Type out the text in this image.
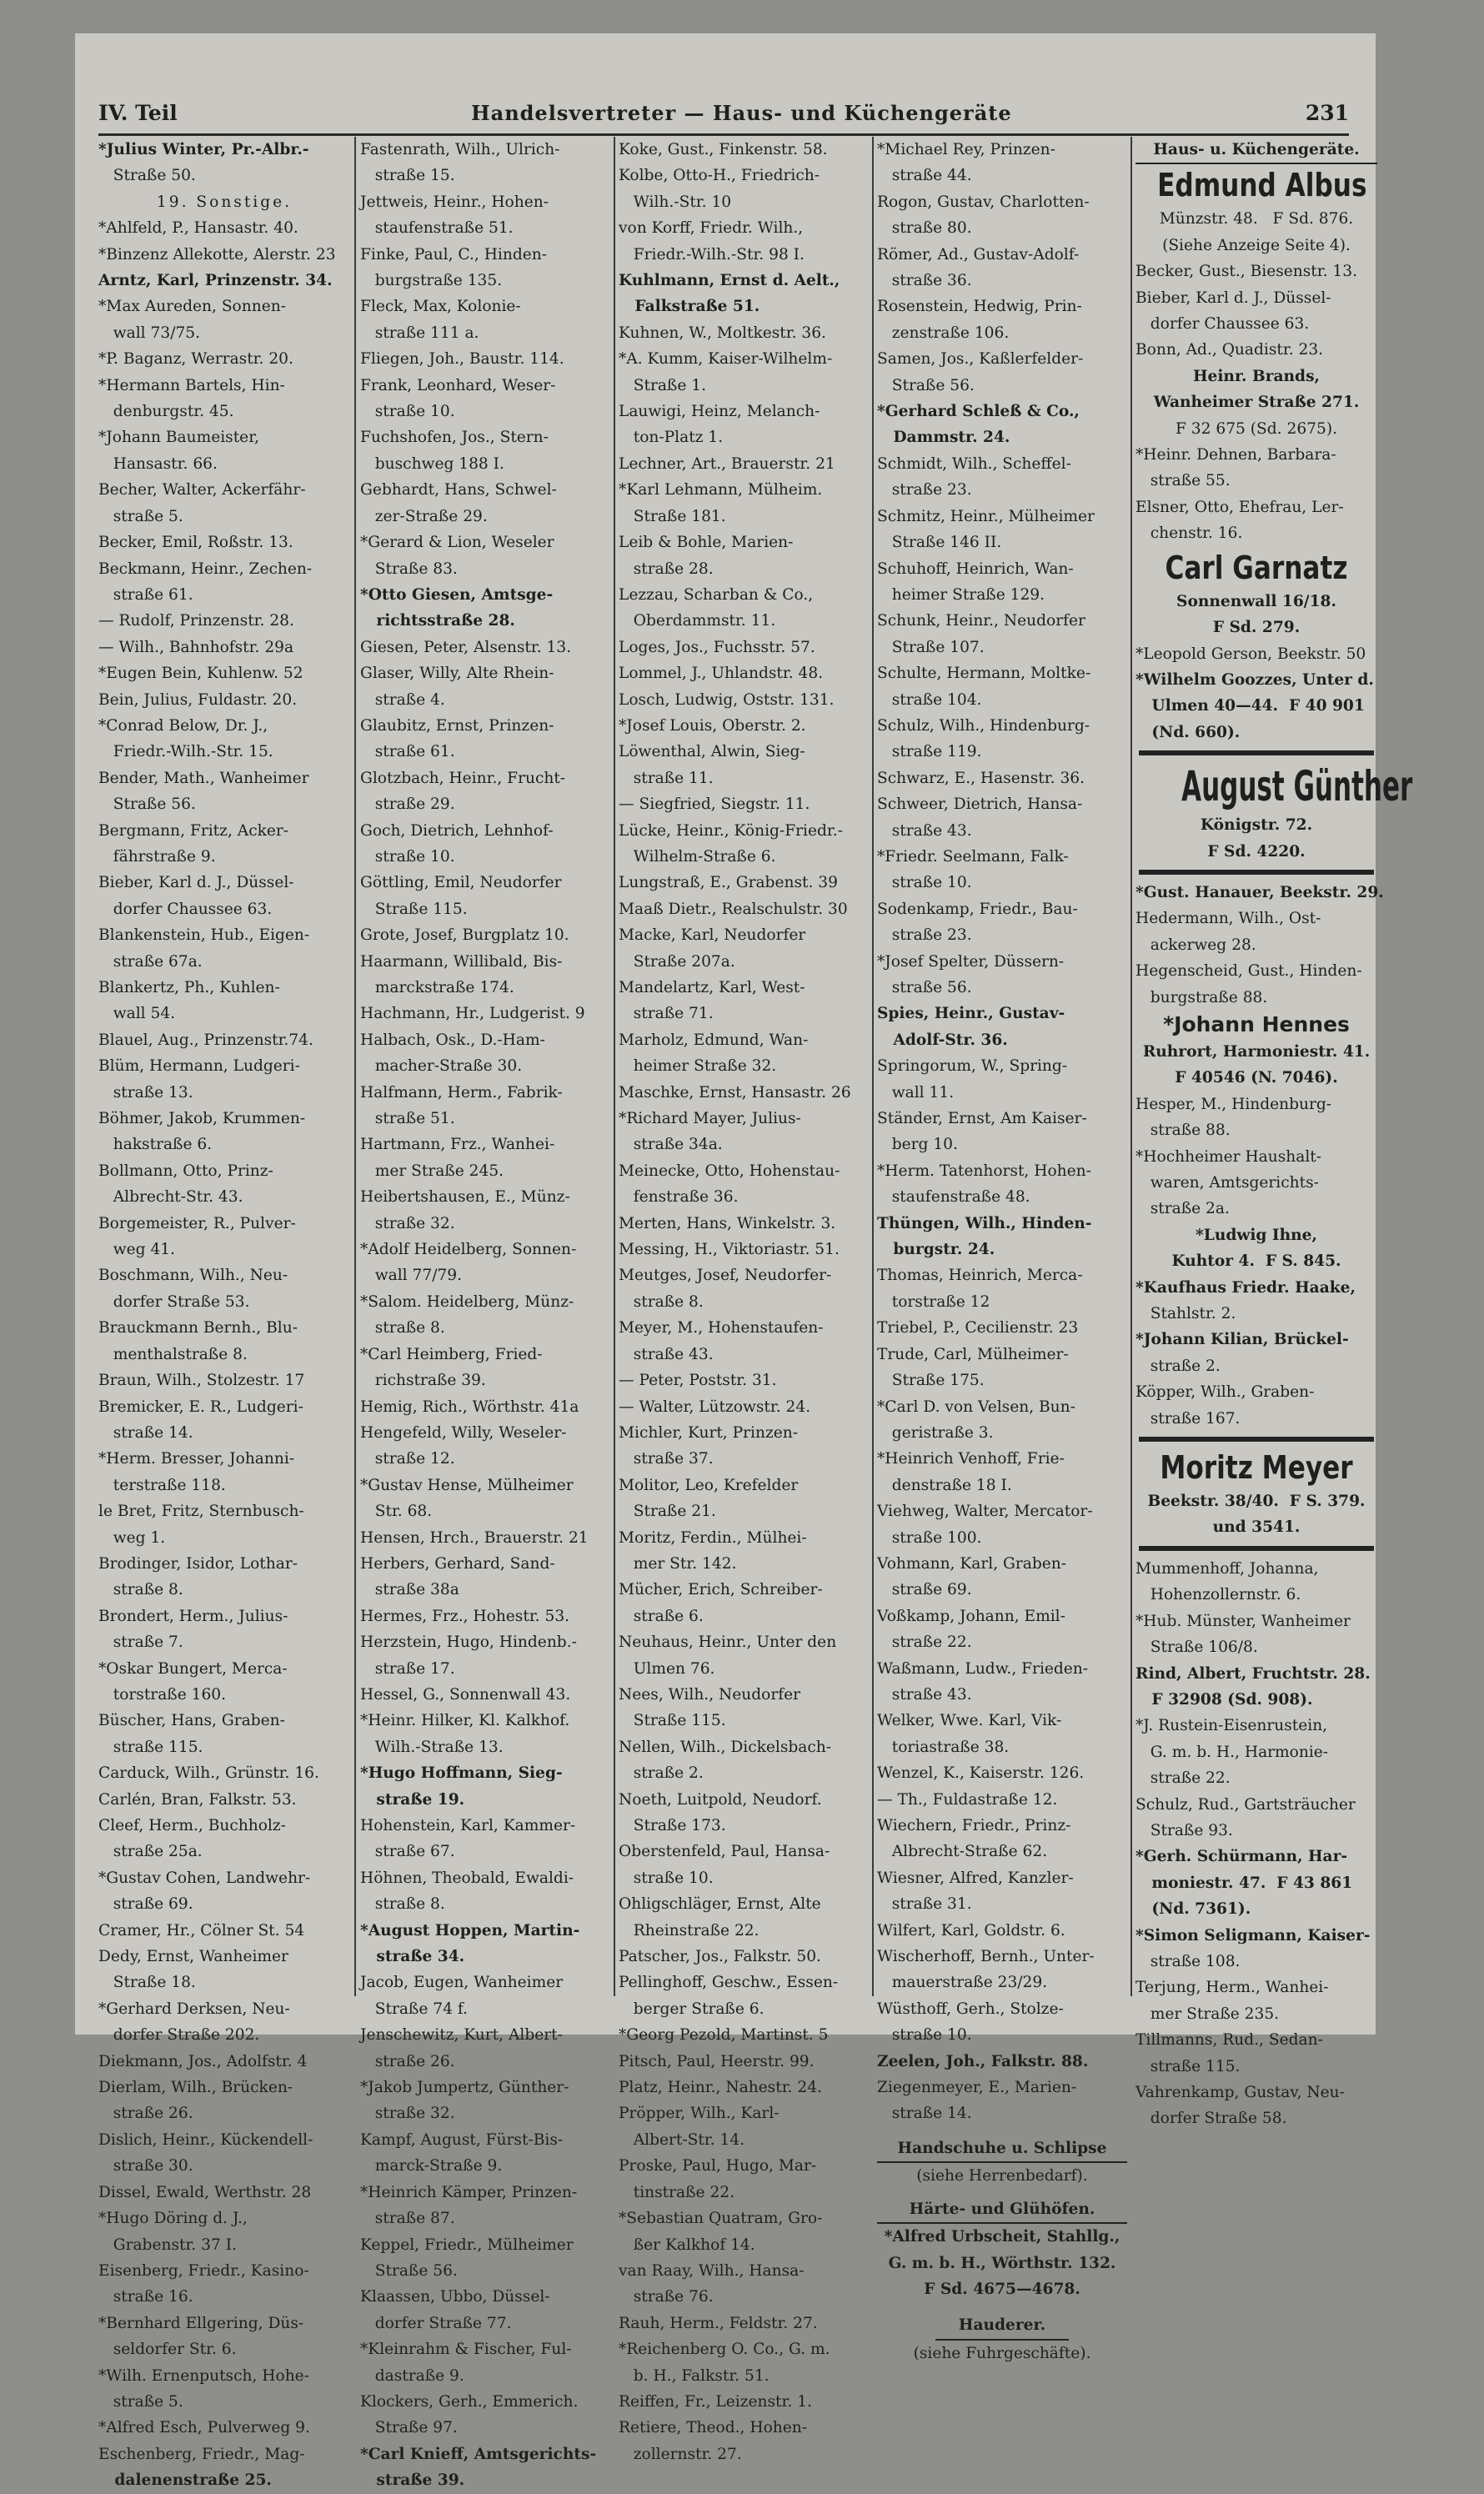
IV. Teil	Handelsvertreter — Haus- und Küchengeräte	231
*Julius Winter, Pr.-Albr.-
Straße 50.
19. Sonstige.
*Ahlfeld, P., Hansastr. 40.
*Binzenz Allekotte, Alerstr. 23
Arntz, Karl, Prinzenstr. 34.
*Max Aureden, Sonnen-
wall 73/75.
*P. Baganz, Werrastr. 20.
*Hermann Bartels, Hin-
denburgstr. 45.
*Johann Baumeister,
Hansastr. 66.
Becher, Walter, Ackerfähr-
straße 5.
Becker, Emil, Roßstr. 13.
Beckmann, Heinr., Zechen-
straße 61.
— Rudolf, Prinzenstr. 28.
— Wilh., Bahnhofstr. 29a
*Eugen Bein, Kuhlenw. 52
Bein, Julius, Fuldastr. 20.
*Conrad Below, Dr. J.,
Friedr.-Wilh.-Str. 15.
Bender, Math., Wanheimer
Straße 56.
Bergmann, Fritz, Acker-
fährstraße 9.
Bieber, Karl d. J., Düssel-
dorfer Chaussee 63.
Blankenstein, Hub., Eigen-
straße 67a.
Blankertz, Ph., Kuhlen-
wall 54.
Blauel, Aug., Prinzenstr.74.
Blüm, Hermann, Ludgeri-
straße 13.
Böhmer, Jakob, Krummen-
hakstraße 6.
Bollmann, Otto, Prinz-
Albrecht-Str. 43.
Borgemeister, R., Pulver-
weg 41.
Boschmann, Wilh., Neu-
dorfer Straße 53.
Brauckmann Bernh., Blu-
menthalstraße 8.
Braun, Wilh., Stolzestr. 17
Bremicker, E. R., Ludgeri-
straße 14.
*Herm. Bresser, Johanni-
terstraße 118.
le Bret, Fritz, Sternbusch-
weg 1.
Brodinger, Isidor, Lothar-
straße 8.
Brondert, Herm., Julius-
straße 7.
*Oskar Bungert, Merca-
torstraße 160.
Büscher, Hans, Graben-
straße 115.
Carduck, Wilh., Grünstr. 16.
Carlén, Bran, Falkstr. 53.
Cleef, Herm., Buchholz-
straße 25a.
*Gustav Cohen, Landwehr-
straße 69.
Cramer, Hr., Cölner St. 54
Dedy, Ernst, Wanheimer
Straße 18.
*Gerhard Derksen, Neu-
dorfer Straße 202.
Diekmann, Jos., Adolfstr. 4
Dierlam, Wilh., Brücken-
straße 26.
Dislich, Heinr., Kückendell-
straße 30.
Dissel, Ewald, Werthstr. 28
*Hugo Döring d. J.,
Grabenstr. 37 I.
Eisenberg, Friedr., Kasino-
straße 16.
*Bernhard Ellgering, Düs-
seldorfer Str. 6.
*Wilh. Ernenputsch, Hohe-
straße 5.
*Alfred Esch, Pulverweg 9.
Eschenberg, Friedr., Mag-
dalenenstraße 25.
Fastenrath, Wilh., Ulrich-
straße 15.
Jettweis, Heinr., Hohen-
staufenstraße 51.
Finke, Paul, C., Hinden-
burgstraße 135.
Fleck, Max, Kolonie-
straße 111 a.
Fliegen, Joh., Baustr. 114.
Frank, Leonhard, Weser-
straße 10.
Fuchshofen, Jos., Stern-
buschweg 188 I.
Gebhardt, Hans, Schwel-
zer-Straße 29.
*Gerard & Lion, Weseler
Straße 83.
*Otto Giesen, Amtsge-
richtsstraße 28.
Giesen, Peter, Alsenstr. 13.
Glaser, Willy, Alte Rhein-
straße 4.
Glaubitz, Ernst, Prinzen-
straße 61.
Glotzbach, Heinr., Frucht-
straße 29.
Goch, Dietrich, Lehnhof-
straße 10.
Göttling, Emil, Neudorfer
Straße 115.
Grote, Josef, Burgplatz 10.
Haarmann, Willibald, Bis-
marckstraße 174.
Hachmann, Hr., Ludgerist. 9
Halbach, Osk., D.-Ham-
macher-Straße 30.
Halfmann, Herm., Fabrik-
straße 51.
Hartmann, Frz., Wanhei-
mer Straße 245.
Heibertshausen, E., Münz-
straße 32.
*Adolf Heidelberg, Sonnen-
wall 77/79.
*Salom. Heidelberg, Münz-
straße 8.
*Carl Heimberg, Fried-
richstraße 39.
Hemig, Rich., Wörthstr. 41a
Hengefeld, Willy, Weseler-
straße 12.
*Gustav Hense, Mülheimer
Str. 68.
Hensen, Hrch., Brauerstr. 21
Herbers, Gerhard, Sand-
straße 38a
Hermes, Frz., Hohestr. 53.
Herzstein, Hugo, Hindenb.-
straße 17.
Hessel, G., Sonnenwall 43.
*Heinr. Hilker, Kl. Kalkhof.
Wilh.-Straße 13.
*Hugo Hoffmann, Sieg-
straße 19.
Hohenstein, Karl, Kammer-
straße 67.
Höhnen, Theobald, Ewaldi-
straße 8.
*August Hoppen, Martin-
straße 34.
Jacob, Eugen, Wanheimer
Straße 74 f.
Jenschewitz, Kurt, Albert-
straße 26.
*Jakob Jumpertz, Günther-
straße 32.
Kampf, August, Fürst-Bis-
marck-Straße 9.
*Heinrich Kämper, Prinzen-
straße 87.
Keppel, Friedr., Mülheimer
Straße 56.
Klaassen, Ubbo, Düssel-
dorfer Straße 77.
*Kleinrahm & Fischer, Ful-
dastraße 9.
Klockers, Gerh., Emmerich.
Straße 97.
*Carl Knieff, Amtsgerichts-
straße 39.
Koke, Gust., Finkenstr. 58.
Kolbe, Otto-H., Friedrich-
Wilh.-Str. 10
von Korff, Friedr. Wilh.,
Friedr.-Wilh.-Str. 98 I.
Kuhlmann, Ernst d. Aelt.,
Falkstraße 51.
Kuhnen, W., Moltkestr. 36.
*A. Kumm, Kaiser-Wilhelm-
Straße 1.
Lauwigi, Heinz, Melanch-
ton-Platz 1.
Lechner, Art., Brauerstr. 21
*Karl Lehmann, Mülheim.
Straße 181.
Leib & Bohle, Marien-
straße 28.
Lezzau, Scharban & Co.,
Oberdammstr. 11.
Loges, Jos., Fuchsstr. 57.
Lommel, J., Uhlandstr. 48.
Losch, Ludwig, Oststr. 131.
*Josef Louis, Oberstr. 2.
Löwenthal, Alwin, Sieg-
straße 11.
— Siegfried, Siegstr. 11.
Lücke, Heinr., König-Friedr.-
Wilhelm-Straße 6.
Lungstraß, E., Grabenst. 39
Maaß Dietr., Realschulstr. 30
Macke, Karl, Neudorfer
Straße 207a.
Mandelartz, Karl, West-
straße 71.
Marholz, Edmund, Wan-
heimer Straße 32.
Maschke, Ernst, Hansastr. 26
*Richard Mayer, Julius-
straße 34a.
Meinecke, Otto, Hohenstau-
fenstraße 36.
Merten, Hans, Winkelstr. 3.
Messing, H., Viktoriastr. 51.
Meutges, Josef, Neudorfer-
straße 8.
Meyer, M., Hohenstaufen-
straße 43.
— Peter, Poststr. 31.
— Walter, Lützowstr. 24.
Michler, Kurt, Prinzen-
straße 37.
Molitor, Leo, Krefelder
Straße 21.
Moritz, Ferdin., Mülhei-
mer Str. 142.
Mücher, Erich, Schreiber-
straße 6.
Neuhaus, Heinr., Unter den
Ulmen 76.
Nees, Wilh., Neudorfer
Straße 115.
Nellen, Wilh., Dickelsbach-
straße 2.
Noeth, Luitpold, Neudorf.
Straße 173.
Oberstenfeld, Paul, Hansa-
straße 10.
Ohligschläger, Ernst, Alte
Rheinstraße 22.
Patscher, Jos., Falkstr. 50.
Pellinghoff, Geschw., Essen-
berger Straße 6.
*Georg Pezold, Martinst. 5
Pitsch, Paul, Heerstr. 99.
Platz, Heinr., Nahestr. 24.
Pröpper, Wilh., Karl-
Albert-Str. 14.
Proske, Paul, Hugo, Mar-
tinstraße 22.
*Sebastian Quatram, Gro-
ßer Kalkhof 14.
van Raay, Wilh., Hansa-
straße 76.
Rauh, Herm., Feldstr. 27.
*Reichenberg O. Co., G. m.
b. H., Falkstr. 51.
Reiffen, Fr., Leizenstr. 1.
Retiere, Theod., Hohen-
zollernstr. 27.
*Michael Rey, Prinzen-
straße 44.
Rogon, Gustav, Charlotten-
straße 80.
Römer, Ad., Gustav-Adolf-
straße 36.
Rosenstein, Hedwig, Prin-
zenstraße 106.
Samen, Jos., Kaßlerfelder-
Straße 56.
*Gerhard Schleß & Co.,
Dammstr. 24.
Schmidt, Wilh., Scheffel-
straße 23.
Schmitz, Heinr., Mülheimer
Straße 146 II.
Schuhoff, Heinrich, Wan-
heimer Straße 129.
Schunk, Heinr., Neudorfer
Straße 107.
Schulte, Hermann, Moltke-
straße 104.
Schulz, Wilh., Hindenburg-
straße 119.
Schwarz, E., Hasenstr. 36.
Schweer, Dietrich, Hansa-
straße 43.
*Friedr. Seelmann, Falk-
straße 10.
Sodenkamp, Friedr., Bau-
straße 23.
*Josef Spelter, Düssern-
straße 56.
Spies, Heinr., Gustav-
Adolf-Str. 36.
Springorum, W., Spring-
wall 11.
Ständer, Ernst, Am Kaiser-
berg 10.
*Herm. Tatenhorst, Hohen-
staufenstraße 48.
Thüngen, Wilh., Hinden-
burgstr. 24.
Thomas, Heinrich, Merca-
torstraße 12
Triebel, P., Cecilienstr. 23
Trude, Carl, Mülheimer-
Straße 175.
*Carl D. von Velsen, Bun-
geristraße 3.
*Heinrich Venhoff, Frie-
denstraße 18 I.
Viehweg, Walter, Mercator-
straße 100.
Vohmann, Karl, Graben-
straße 69.
Voßkamp, Johann, Emil-
straße 22.
Waßmann, Ludw., Frieden-
straße 43.
Welker, Wwe. Karl, Vik-
toriastraße 38.
Wenzel, K., Kaiserstr. 126.
— Th., Fuldastraße 12.
Wiechern, Friedr., Prinz-
Albrecht-Straße 62.
Wiesner, Alfred, Kanzler-
straße 31.
Wilfert, Karl, Goldstr. 6.
Wischerhoff, Bernh., Unter-
mauerstraße 23/29.
Wüsthoff, Gerh., Stolze-
straße 10.
Zeelen, Joh., Falkstr. 88.
Ziegenmeyer, E., Marien-
straße 14.
Handschuhe u. Schlipse
(siehe Herrenbedarf).
Härte- und Glühöfen.
*Alfred Urbscheit, Stahllg.,
G. m. b. H., Wörthstr. 132.
F Sd. 4675—4678.
Hauderer.
(siehe Fuhrgeschäfte).
Haus- u. Küchengeräte.
Edmund Albus
Münzstr. 48.   F Sd. 876.
(Siehe Anzeige Seite 4).
Becker, Gust., Biesenstr. 13.
Bieber, Karl d. J., Düssel-
dorfer Chaussee 63.
Bonn, Ad., Quadistr. 23.
Heinr. Brands,
Wanheimer Straße 271.
F 32 675 (Sd. 2675).
*Heinr. Dehnen, Barbara-
straße 55.
Elsner, Otto, Ehefrau, Ler-
chenstr. 16.
Carl Garnatz
Sonnenwall 16/18.
F Sd. 279.
*Leopold Gerson, Beekstr. 50
*Wilhelm Goozzes, Unter d.
Ulmen 40—44.  F 40 901
(Nd. 660).
August Günther
Königstr. 72.
F Sd. 4220.
*Gust. Hanauer, Beekstr. 29.
Hedermann, Wilh., Ost-
ackerweg 28.
Hegenscheid, Gust., Hinden-
burgstraße 88.
*Johann Hennes
Ruhrort, Harmoniestr. 41.
F 40546 (N. 7046).
Hesper, M., Hindenburg-
straße 88.
*Hochheimer Haushalt-
waren, Amtsgerichts-
straße 2a.
*Ludwig Ihne,
Kuhtor 4.  F S. 845.
*Kaufhaus Friedr. Haake,
Stahlstr. 2.
*Johann Kilian, Brückel-
straße 2.
Köpper, Wilh., Graben-
straße 167.
Moritz Meyer
Beekstr. 38/40.  F S. 379.
und 3541.
Mummenhoff, Johanna,
Hohenzollernstr. 6.
*Hub. Münster, Wanheimer
Straße 106/8.
Rind, Albert, Fruchtstr. 28.
F 32908 (Sd. 908).
*J. Rustein-Eisenrustein,
G. m. b. H., Harmonie-
straße 22.
Schulz, Rud., Gartsträucher
Straße 93.
*Gerh. Schürmann, Har-
moniestr. 47.  F 43 861
(Nd. 7361).
*Simon Seligmann, Kaiser-
straße 108.
Terjung, Herm., Wanhei-
mer Straße 235.
Tillmanns, Rud., Sedan-
straße 115.
Vahrenkamp, Gustav, Neu-
dorfer Straße 58.
